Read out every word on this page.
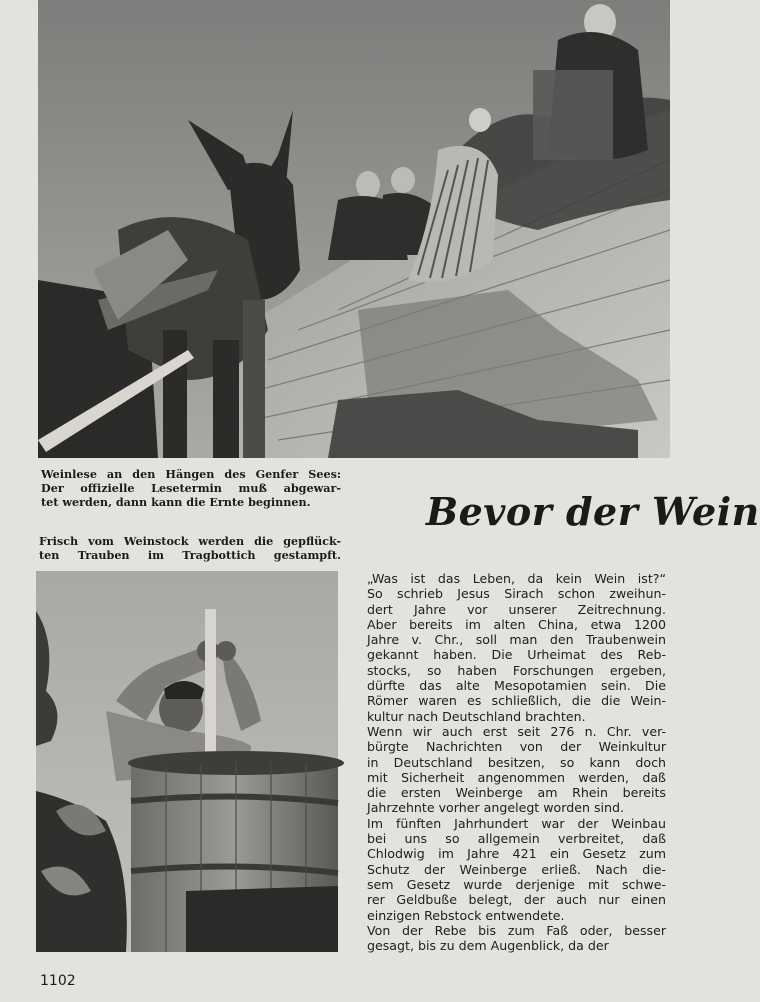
Weinlese an den Hängen des Genfer Sees:
Der offizielle Lesetermin muß abgewar-
tet werden, dann kann die Ernte beginnen.

Frisch vom Weinstock werden die gepflück-
ten Trauben im Tragbottich gestampft.

Bevor der Wein
„Was ist das Leben, da kein Wein ist?“
So schrieb Jesus Sirach schon zweihun-
dert Jahre vor unserer Zeitrechnung.
Aber bereits im alten China, etwa 1200
Jahre v. Chr., soll man den Traubenwein
gekannt haben. Die Urheimat des Reb-
stocks, so haben Forschungen ergeben,
dürfte das alte Mesopotamien sein. Die
Römer waren es schließlich, die die Wein-
kultur nach Deutschland brachten.
Wenn wir auch erst seit 276 n. Chr. ver-
bürgte Nachrichten von der Weinkultur
in Deutschland besitzen, so kann doch
mit Sicherheit angenommen werden, daß
die ersten Weinberge am Rhein bereits
Jahrzehnte vorher angelegt worden sind.
Im fünften Jahrhundert war der Weinbau
bei uns so allgemein verbreitet, daß
Chlodwig im Jahre 421 ein Gesetz zum
Schutz der Weinberge erließ. Nach die-
sem Gesetz wurde derjenige mit schwe-
rer Geldbuße belegt, der auch nur einen
einzigen Rebstock entwendete.
Von der Rebe bis zum Faß oder, besser
gesagt, bis zu dem Augenblick, da der
1102
